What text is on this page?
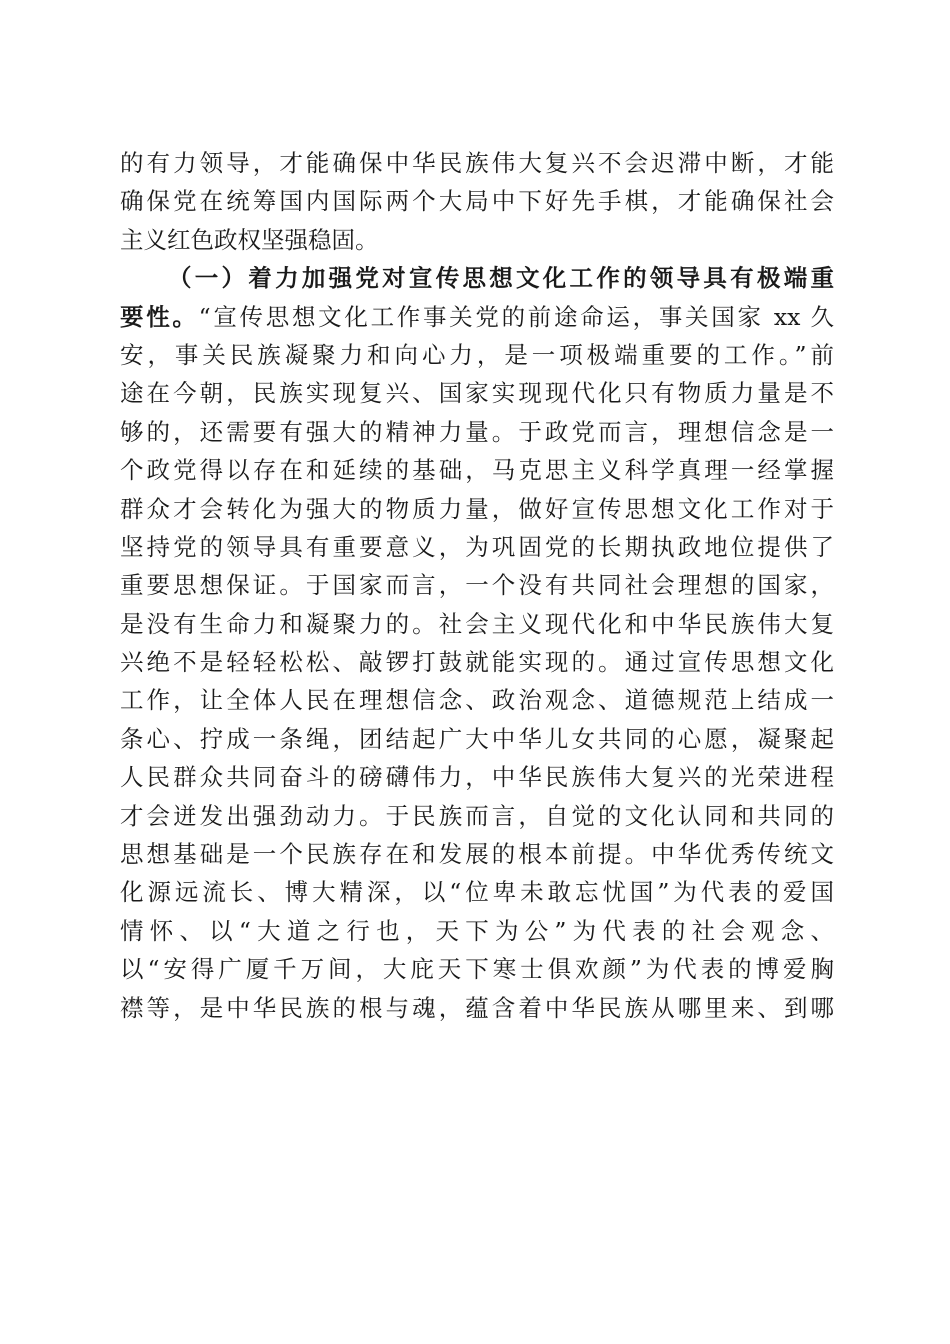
的有力领导，才能确保中华民族伟大复兴不会迟滞中断，才能
确保党在统筹国内国际两个大局中下好先手棋，才能确保社会
主义红色政权坚强稳固。
（一）着力加强党对宣传思想文化工作的领导具有极端重
要性。“宣传思想文化工作事关党的前途命运，事关国家 xx 久
安，事关民族凝聚力和向心力，是一项极端重要的工作。”前
途在今朝，民族实现复兴、国家实现现代化只有物质力量是不
够的，还需要有强大的精神力量。于政党而言，理想信念是一
个政党得以存在和延续的基础，马克思主义科学真理一经掌握
群众才会转化为强大的物质力量，做好宣传思想文化工作对于
坚持党的领导具有重要意义，为巩固党的长期执政地位提供了
重要思想保证。于国家而言，一个没有共同社会理想的国家，
是没有生命力和凝聚力的。社会主义现代化和中华民族伟大复
兴绝不是轻轻松松、敲锣打鼓就能实现的。通过宣传思想文化
工作，让全体人民在理想信念、政治观念、道德规范上结成一
条心、拧成一条绳，团结起广大中华儿女共同的心愿，凝聚起
人民群众共同奋斗的磅礴伟力，中华民族伟大复兴的光荣进程
才会迸发出强劲动力。于民族而言，自觉的文化认同和共同的
思想基础是一个民族存在和发展的根本前提。中华优秀传统文
化源远流长、博大精深，以“位卑未敢忘忧国”为代表的爱国
情怀、以“大道之行也，天下为公”为代表的社会观念、
以“安得广厦千万间，大庇天下寒士俱欢颜”为代表的博爱胸
襟等，是中华民族的根与魂，蕴含着中华民族从哪里来、到哪
